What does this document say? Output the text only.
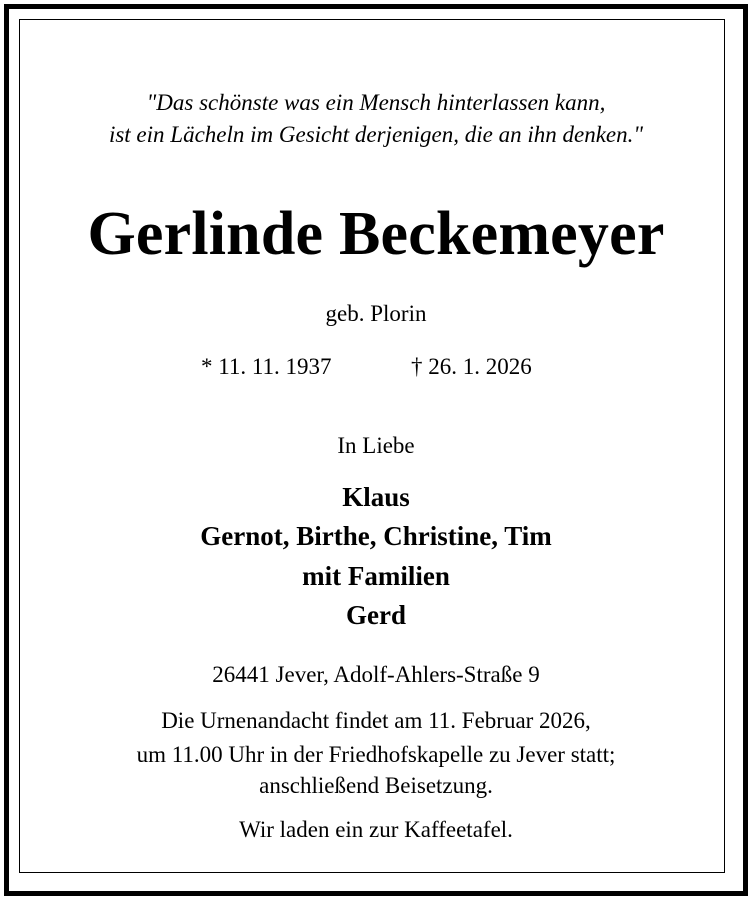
"Das schönste was ein Mensch hinterlassen kann,
ist ein Lächeln im Gesicht derjenigen, die an ihn denken."
Gerlinde Beckemeyer
geb. Plorin
* 11. 11. 1937	† 26. 1. 2026
In Liebe
Klaus
Gernot, Birthe, Christine, Tim
mit Familien
Gerd
26441 Jever, Adolf-Ahlers-Straße 9
Die Urnenandacht findet am 11. Februar 2026,
um 11.00 Uhr in der Friedhofskapelle zu Jever statt;
anschließend Beisetzung.
Wir laden ein zur Kaffeetafel.
